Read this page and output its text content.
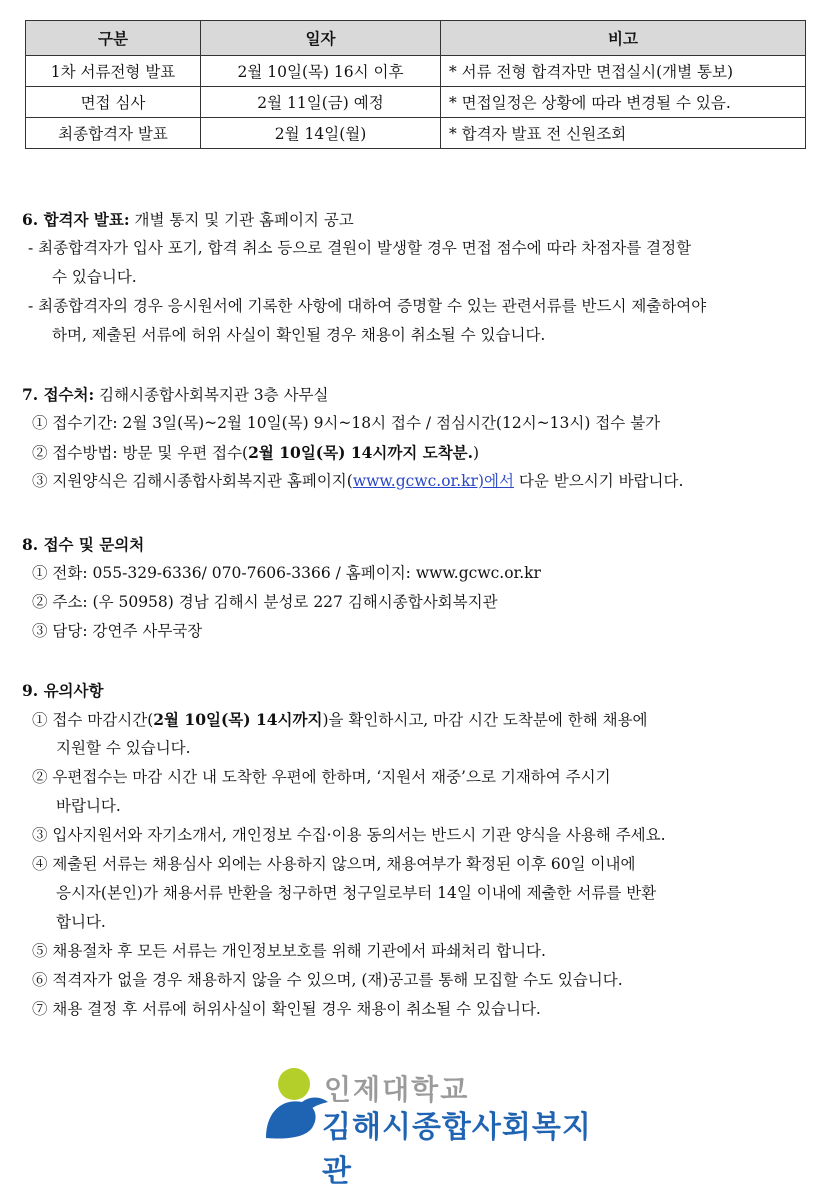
구분	일자	비고
1차 서류전형 발표	2월 10일(목) 16시 이후	* 서류 전형 합격자만 면접실시(개별 통보)
면접 심사	2월 11일(금) 예정	* 면접일정은 상황에 따라 변경될 수 있음.
최종합격자 발표	2월 14일(월)	* 합격자 발표 전 신원조회
6. 합격자 발표: 개별 통지 및 기관 홈페이지 공고
- 최종합격자가 입사 포기, 합격 취소 등으로 결원이 발생할 경우 면접 점수에 따라 차점자를 결정할
수 있습니다.
- 최종합격자의 경우 응시원서에 기록한 사항에 대하여 증명할 수 있는 관련서류를 반드시 제출하여야
하며, 제출된 서류에 허위 사실이 확인될 경우 채용이 취소될 수 있습니다.
7. 접수처: 김해시종합사회복지관 3층 사무실
① 접수기간: 2월 3일(목)~2월 10일(목) 9시~18시 접수 / 점심시간(12시~13시) 접수 불가
② 접수방법: 방문 및 우편 접수(2월 10일(목) 14시까지 도착분.)
③ 지원양식은 김해시종합사회복지관 홈페이지(www.gcwc.or.kr)에서 다운 받으시기 바랍니다.
8. 접수 및 문의처
① 전화: 055-329-6336/ 070-7606-3366 / 홈페이지: www.gcwc.or.kr
② 주소: (우 50958) 경남 김해시 분성로 227 김해시종합사회복지관
③ 담당: 강연주 사무국장
9. 유의사항
① 접수 마감시간(2월 10일(목) 14시까지)을 확인하시고, 마감 시간 도착분에 한해 채용에
지원할 수 있습니다.
② 우편접수는 마감 시간 내 도착한 우편에 한하며, ‘지원서 재중’으로 기재하여 주시기
바랍니다.
③ 입사지원서와 자기소개서, 개인정보 수집·이용 동의서는 반드시 기관 양식을 사용해 주세요.
④ 제출된 서류는 채용심사 외에는 사용하지 않으며, 채용여부가 확정된 이후 60일 이내에
응시자(본인)가 채용서류 반환을 청구하면 청구일로부터 14일 이내에 제출한 서류를 반환
합니다.
⑤ 채용절차 후 모든 서류는 개인정보보호를 위해 기관에서 파쇄처리 합니다.
⑥ 적격자가 없을 경우 채용하지 않을 수 있으며, (재)공고를 통해 모집할 수도 있습니다.
⑦ 채용 결정 후 서류에 허위사실이 확인될 경우 채용이 취소될 수 있습니다.
인제대학교
김해시종합사회복지관
